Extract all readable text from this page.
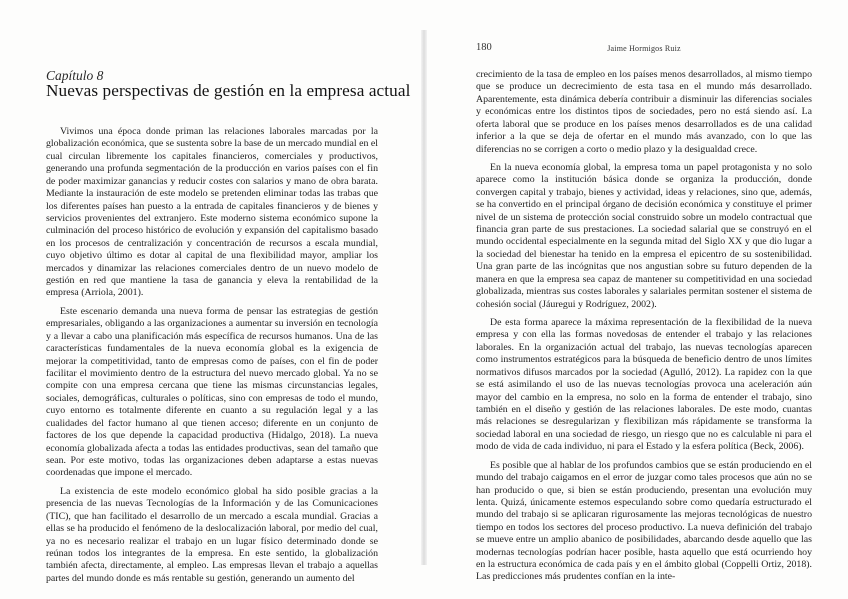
Capítulo 8
Nuevas perspectivas de gestión en la empresa actual

Vivimos una época donde priman las relaciones laborales marcadas por la globalización económica, que se sustenta sobre la base de un mercado mundial en el cual circulan libremente los capitales financieros, comerciales y productivos, generando una profunda segmentación de la producción en varios países con el fin de poder maximizar ganancias y reducir costes con salarios y mano de obra barata. Mediante la instauración de este modelo se pretenden eliminar todas las trabas que los diferentes países han puesto a la entrada de capitales financieros y de bienes y servicios provenientes del extranjero. Este moderno sistema económico supone la culminación del proceso histórico de evolución y expansión del capitalismo basado en los procesos de centralización y concentración de recursos a escala mundial, cuyo objetivo último es dotar al capital de una flexibilidad mayor, ampliar los mercados y dinamizar las relaciones comerciales dentro de un nuevo modelo de gestión en red que mantiene la tasa de ganancia y eleva la rentabilidad de la empresa (Arriola, 2001).

Este escenario demanda una nueva forma de pensar las estrategias de gestión empresariales, obligando a las organizaciones a aumentar su inversión en tecnología y a llevar a cabo una planificación más específica de recursos humanos. Una de las características fundamentales de la nueva economía global es la exigencia de mejorar la competitividad, tanto de empresas como de países, con el fin de poder facilitar el movimiento dentro de la estructura del nuevo mercado global. Ya no se compite con una empresa cercana que tiene las mismas circunstancias legales, sociales, demográficas, culturales o políticas, sino con empresas de todo el mundo, cuyo entorno es totalmente diferente en cuanto a su regulación legal y a las cualidades del factor humano al que tienen acceso; diferente en un conjunto de factores de los que depende la capacidad productiva (Hidalgo, 2018). La nueva economía globalizada afecta a todas las entidades productivas, sean del tamaño que sean. Por este motivo, todas las organizaciones deben adaptarse a estas nuevas coordenadas que impone el mercado.

La existencia de este modelo económico global ha sido posible gracias a la presencia de las nuevas Tecnologías de la Información y de las Comunicaciones (TIC), que han facilitado el desarrollo de un mercado a escala mundial. Gracias a ellas se ha producido el fenómeno de la deslocalización laboral, por medio del cual, ya no es necesario realizar el trabajo en un lugar físico determinado donde se reúnan todos los integrantes de la empresa. En este sentido, la globalización también afecta, directamente, al empleo. Las empresas llevan el trabajo a aquellas partes del mundo donde es más rentable su gestión, generando un aumento del

180	Jaime Hormigos Ruiz

crecimiento de la tasa de empleo en los países menos desarrollados, al mismo tiempo que se produce un decrecimiento de esta tasa en el mundo más desarrollado. Aparentemente, esta dinámica debería contribuir a disminuir las diferencias sociales y económicas entre los distintos tipos de sociedades, pero no está siendo así. La oferta laboral que se produce en los países menos desarrollados es de una calidad inferior a la que se deja de ofertar en el mundo más avanzado, con lo que las diferencias no se corrigen a corto o medio plazo y la desigualdad crece.

En la nueva economía global, la empresa toma un papel protagonista y no solo aparece como la institución básica donde se organiza la producción, donde convergen capital y trabajo, bienes y actividad, ideas y relaciones, sino que, además, se ha convertido en el principal órgano de decisión económica y constituye el primer nivel de un sistema de protección social construido sobre un modelo contractual que financia gran parte de sus prestaciones. La sociedad salarial que se construyó en el mundo occidental especialmente en la segunda mitad del Siglo XX y que dio lugar a la sociedad del bienestar ha tenido en la empresa el epicentro de su sostenibilidad. Una gran parte de las incógnitas que nos angustian sobre su futuro dependen de la manera en que la empresa sea capaz de mantener su competitividad en una sociedad globalizada, mientras sus costes laborales y salariales permitan sostener el sistema de cohesión social (Jáuregui y Rodríguez, 2002).

De esta forma aparece la máxima representación de la flexibilidad de la nueva empresa y con ella las formas novedosas de entender el trabajo y las relaciones laborales. En la organización actual del trabajo, las nuevas tecnologías aparecen como instrumentos estratégicos para la búsqueda de beneficio dentro de unos límites normativos difusos marcados por la sociedad (Agulló, 2012). La rapidez con la que se está asimilando el uso de las nuevas tecnologías provoca una aceleración aún mayor del cambio en la empresa, no solo en la forma de entender el trabajo, sino también en el diseño y gestión de las relaciones laborales. De este modo, cuantas más relaciones se desregularizan y flexibilizan más rápidamente se transforma la sociedad laboral en una sociedad de riesgo, un riesgo que no es calculable ni para el modo de vida de cada individuo, ni para el Estado y la esfera política (Beck, 2006).

Es posible que al hablar de los profundos cambios que se están produciendo en el mundo del trabajo caigamos en el error de juzgar como tales procesos que aún no se han producido o que, si bien se están produciendo, presentan una evolución muy lenta. Quizá, únicamente estemos especulando sobre como quedaría estructurado el mundo del trabajo si se aplicaran rigurosamente las mejoras tecnológicas de nuestro tiempo en todos los sectores del proceso productivo. La nueva definición del trabajo se mueve entre un amplio abanico de posibilidades, abarcando desde aquello que las modernas tecnologías podrían hacer posible, hasta aquello que está ocurriendo hoy en la estructura económica de cada país y en el ámbito global (Coppelli Ortiz, 2018). Las predicciones más prudentes confían en la inte-
